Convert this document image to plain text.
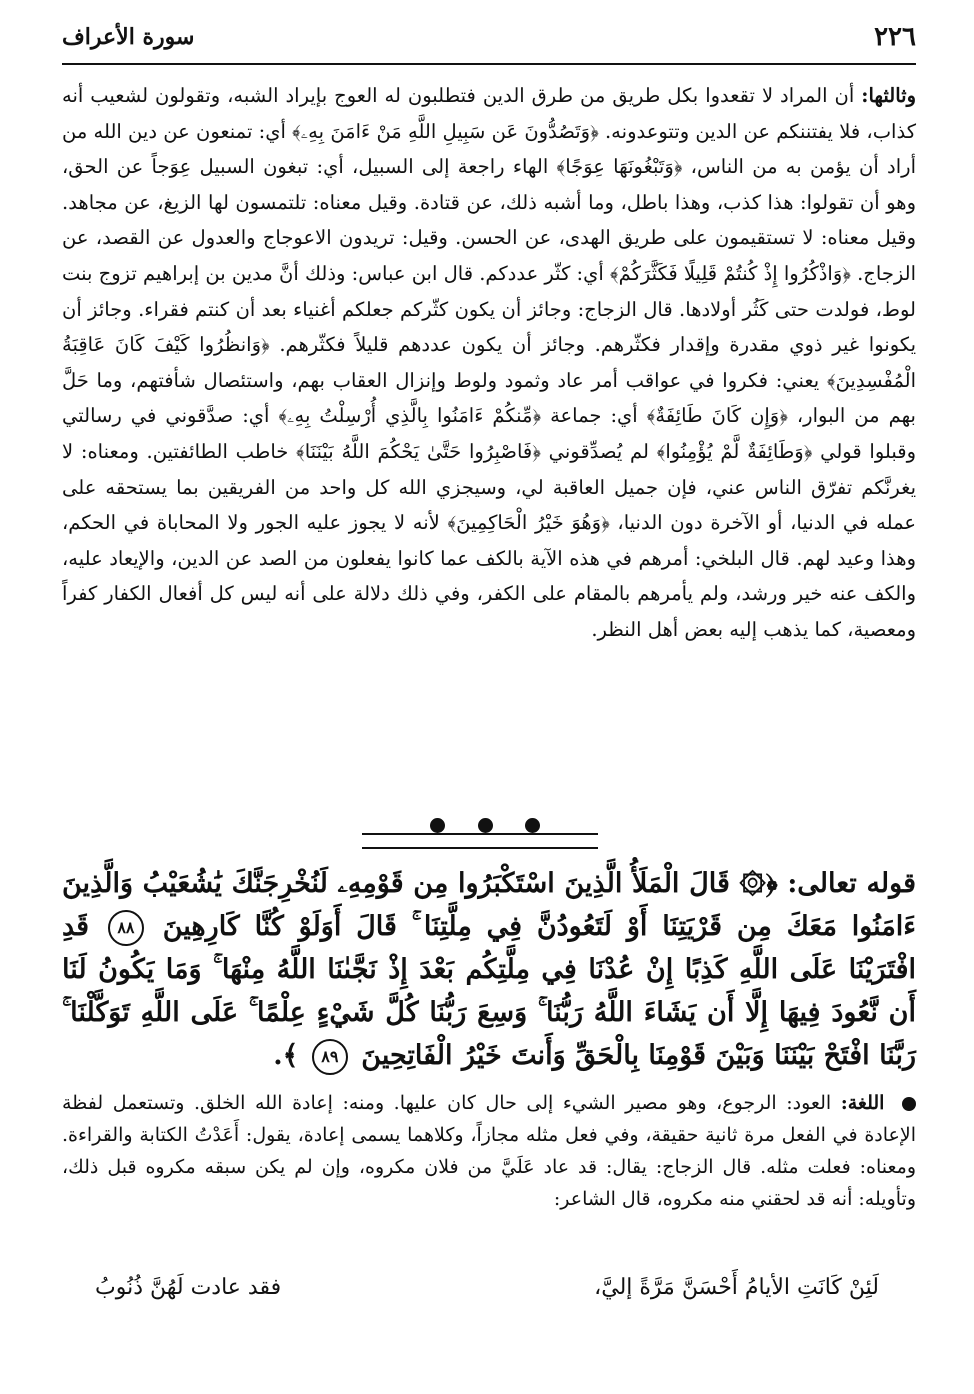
٢٢٦
سورة الأعراف

وثالثها: أن المراد لا تقعدوا بكل طريق من طرق الدين فتطلبون له العوج بإيراد الشبه، وتقولون لشعيب أنه كذاب، فلا يفتننكم عن الدين وتتوعدونه. ﴿وَتَصُدُّونَ عَن سَبِيلِ اللَّهِ مَنْ ءَامَنَ بِهِۦ﴾ أي: تمنعون عن دين الله من أراد أن يؤمن به من الناس، ﴿وَتَبْغُونَهَا عِوَجًا﴾ الهاء راجعة إلى السبيل، أي: تبغون السبيل عِوَجاً عن الحق، وهو أن تقولوا: هذا كذب، وهذا باطل، وما أشبه ذلك، عن قتادة. وقيل معناه: تلتمسون لها الزيغ، عن مجاهد. وقيل معناه: لا تستقيمون على طريق الهدى، عن الحسن. وقيل: تريدون الاعوجاج والعدول عن القصد، عن الزجاج. ﴿وَاذْكُرُوا إِذْ كُنتُمْ قَلِيلًا فَكَثَّرَكُمْ﴾ أي: كثّر عددكم. قال ابن عباس: وذلك أنَّ مدين بن إبراهيم تزوج بنت لوط، فولدت حتى كَثُر أولادها. قال الزجاج: وجائز أن يكون كثّركم جعلكم أغنياء بعد أن كنتم فقراء. وجائز أن يكونوا غير ذوي مقدرة وإقدار فكثّرهم. وجائز أن يكون عددهم قليلاً فكثّرهم. ﴿وَانظُرُوا كَيْفَ كَانَ عَاقِبَةُ الْمُفْسِدِينَ﴾ يعني: فكروا في عواقب أمر عاد وثمود ولوط وإنزال العقاب بهم، واستئصال شأفتهم، وما حَلَّ بهم من البوار، ﴿وَإِن كَانَ طَائِفَةٌ﴾ أي: جماعة ﴿مِّنكُمْ ءَامَنُوا بِالَّذِي أُرْسِلْتُ بِهِۦ﴾ أي: صدَّقوني في رسالتي وقبلوا قولي ﴿وَطَائِفَةٌ لَّمْ يُؤْمِنُوا﴾ لم يُصدِّقوني ﴿فَاصْبِرُوا حَتَّىٰ يَحْكُمَ اللَّهُ بَيْنَنَا﴾ خاطب الطائفتين. ومعناه: لا يغرنَّكم تفرّق الناس عني، فإن جميل العاقبة لي، وسيجزي الله كل واحد من الفريقين بما يستحقه على عمله في الدنيا، أو الآخرة دون الدنيا، ﴿وَهُوَ خَيْرُ الْحَاكِمِينَ﴾ لأنه لا يجوز عليه الجور ولا المحاباة في الحكم، وهذا وعيد لهم. قال البلخي: أمرهم في هذه الآية بالكف عما كانوا يفعلون من الصد عن الدين، والإيعاد عليه، والكف عنه خير ورشد، ولم يأمرهم بالمقام على الكفر، وفي ذلك دلالة على أنه ليس كل أفعال الكفار كفراً ومعصية، كما يذهب إليه بعض أهل النظر.

قوله تعالى: ﴿۞ قَالَ الْمَلَأُ الَّذِينَ اسْتَكْبَرُوا مِن قَوْمِهِۦ لَنُخْرِجَنَّكَ يَٰشُعَيْبُ وَالَّذِينَ ءَامَنُوا مَعَكَ مِن قَرْيَتِنَا أَوْ لَتَعُودُنَّ فِي مِلَّتِنَا ۚ قَالَ أَوَلَوْ كُنَّا كَارِهِينَ ٨٨ قَدِ افْتَرَيْنَا عَلَى اللَّهِ كَذِبًا إِنْ عُدْنَا فِي مِلَّتِكُم بَعْدَ إِذْ نَجَّىٰنَا اللَّهُ مِنْهَا ۚ وَمَا يَكُونُ لَنَا أَن نَّعُودَ فِيهَا إِلَّا أَن يَشَاءَ اللَّهُ رَبُّنَا ۚ وَسِعَ رَبُّنَا كُلَّ شَيْءٍ عِلْمًا ۚ عَلَى اللَّهِ تَوَكَّلْنَا ۚ رَبَّنَا افْتَحْ بَيْنَنَا وَبَيْنَ قَوْمِنَا بِالْحَقِّ وَأَنتَ خَيْرُ الْفَاتِحِينَ ٨٩ ﴾.
اللغة: العود: الرجوع، وهو مصير الشيء إلى حال كان عليها. ومنه: إعادة الله الخلق. وتستعمل لفظة الإعادة في الفعل مرة ثانية حقيقة، وفي فعل مثله مجازاً، وكلاهما يسمى إعادة، يقول: أَعَدْتُ الكتابة والقراءة. ومعناه: فعلت مثله. قال الزجاج: يقال: قد عاد عَلَيَّ من فلان مكروه، وإن لم يكن سبقه مكروه قبل ذلك، وتأويله: أنه قد لحقني منه مكروه، قال الشاعر:
لَئِنْ كَانَتِ الأيامُ أَحْسَنَّ مَرَّةً إليَّ،
فقد عادت لَهُنَّ ذُنُوبُ
